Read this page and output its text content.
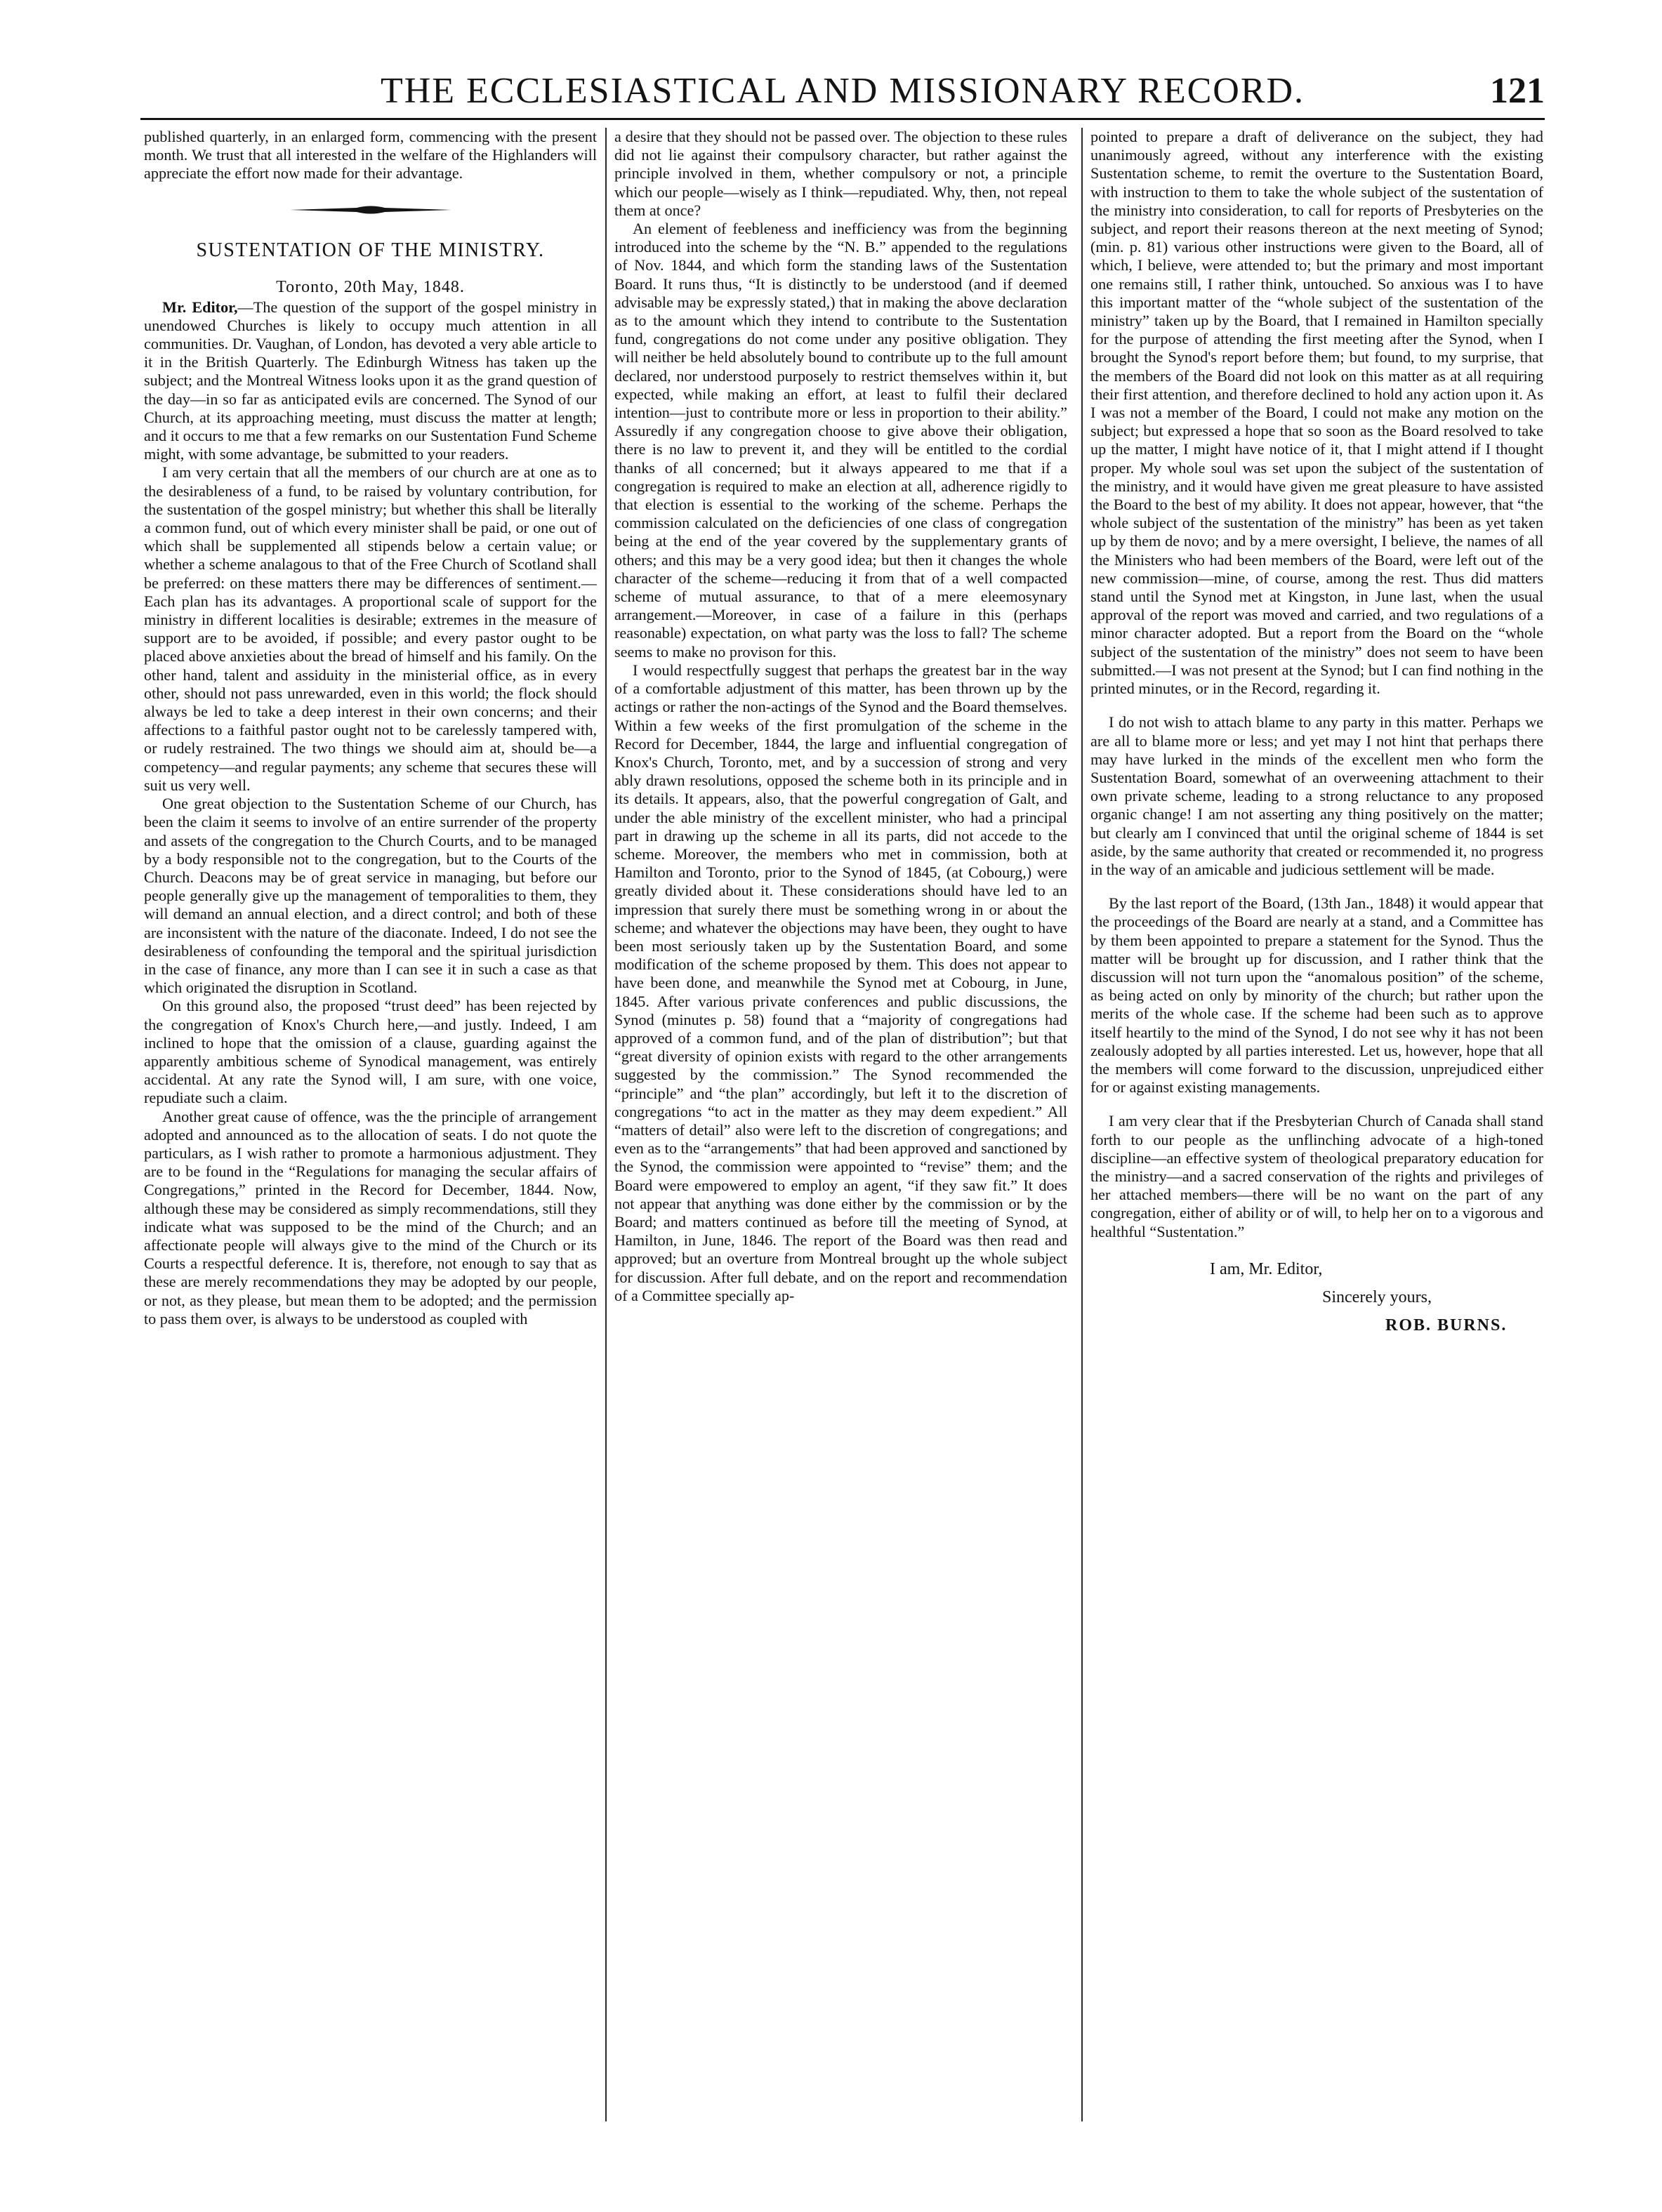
THE ECCLESIASTICAL AND MISSIONARY RECORD.	121

published quarterly, in an enlarged form, commencing with the present month. We trust that all interested in the welfare of the Highlanders will appreciate the effort now made for their advantage.

SUSTENTATION OF THE MINISTRY.
Toronto, 20th May, 1848.

Mr. Editor,—The question of the support of the gospel ministry in unendowed Churches is likely to occupy much attention in all communities. Dr. Vaughan, of London, has devoted a very able article to it in the British Quarterly. The Edinburgh Witness has taken up the subject; and the Montreal Witness looks upon it as the grand question of the day—in so far as anticipated evils are concerned. The Synod of our Church, at its approaching meeting, must discuss the matter at length; and it occurs to me that a few remarks on our Sustentation Fund Scheme might, with some advantage, be submitted to your readers.

I am very certain that all the members of our church are at one as to the desirableness of a fund, to be raised by voluntary contribution, for the sustentation of the gospel ministry; but whether this shall be literally a common fund, out of which every minister shall be paid, or one out of which shall be supplemented all stipends below a certain value; or whether a scheme analagous to that of the Free Church of Scotland shall be preferred: on these matters there may be differences of sentiment.—Each plan has its advantages. A proportional scale of support for the ministry in different localities is desirable; extremes in the measure of support are to be avoided, if possible; and every pastor ought to be placed above anxieties about the bread of himself and his family. On the other hand, talent and assiduity in the ministerial office, as in every other, should not pass unrewarded, even in this world; the flock should always be led to take a deep interest in their own concerns; and their affections to a faithful pastor ought not to be carelessly tampered with, or rudely restrained. The two things we should aim at, should be—a competency—and regular payments; any scheme that secures these will suit us very well.

One great objection to the Sustentation Scheme of our Church, has been the claim it seems to involve of an entire surrender of the property and assets of the congregation to the Church Courts, and to be managed by a body responsible not to the congregation, but to the Courts of the Church. Deacons may be of great service in managing, but before our people generally give up the management of temporalities to them, they will demand an annual election, and a direct control; and both of these are inconsistent with the nature of the diaconate. Indeed, I do not see the desirableness of confounding the temporal and the spiritual jurisdiction in the case of finance, any more than I can see it in such a case as that which originated the disruption in Scotland.

On this ground also, the proposed “trust deed” has been rejected by the congregation of Knox's Church here,—and justly. Indeed, I am inclined to hope that the omission of a clause, guarding against the apparently ambitious scheme of Synodical management, was entirely accidental. At any rate the Synod will, I am sure, with one voice, repudiate such a claim.

Another great cause of offence, was the the principle of arrangement adopted and announced as to the allocation of seats. I do not quote the particulars, as I wish rather to promote a harmonious adjustment. They are to be found in the “Regulations for managing the secular affairs of Congregations,” printed in the Record for December, 1844. Now, although these may be considered as simply recommendations, still they indicate what was supposed to be the mind of the Church; and an affectionate people will always give to the mind of the Church or its Courts a respectful deference. It is, therefore, not enough to say that as these are merely recommendations they may be adopted by our people, or not, as they please, but mean them to be adopted; and the permission to pass them over, is always to be understood as coupled with

a desire that they should not be passed over. The objection to these rules did not lie against their compulsory character, but rather against the principle involved in them, whether compulsory or not, a principle which our people—wisely as I think—repudiated. Why, then, not repeal them at once?

An element of feebleness and inefficiency was from the beginning introduced into the scheme by the “N. B.” appended to the regulations of Nov. 1844, and which form the standing laws of the Sustentation Board. It runs thus, “It is distinctly to be understood (and if deemed advisable may be expressly stated,) that in making the above declaration as to the amount which they intend to contribute to the Sustentation fund, congregations do not come under any positive obligation. They will neither be held absolutely bound to contribute up to the full amount declared, nor understood purposely to restrict themselves within it, but expected, while making an effort, at least to fulfil their declared intention—just to contribute more or less in proportion to their ability.” Assuredly if any congregation choose to give above their obligation, there is no law to prevent it, and they will be entitled to the cordial thanks of all concerned; but it always appeared to me that if a congregation is required to make an election at all, adherence rigidly to that election is essential to the working of the scheme. Perhaps the commission calculated on the deficiencies of one class of congregation being at the end of the year covered by the supplementary grants of others; and this may be a very good idea; but then it changes the whole character of the scheme—reducing it from that of a well compacted scheme of mutual assurance, to that of a mere eleemosynary arrangement.—Moreover, in case of a failure in this (perhaps reasonable) expectation, on what party was the loss to fall? The scheme seems to make no provison for this.

I would respectfully suggest that perhaps the greatest bar in the way of a comfortable adjustment of this matter, has been thrown up by the actings or rather the non-actings of the Synod and the Board themselves. Within a few weeks of the first promulgation of the scheme in the Record for December, 1844, the large and influential congregation of Knox's Church, Toronto, met, and by a succession of strong and very ably drawn resolutions, opposed the scheme both in its principle and in its details. It appears, also, that the powerful congregation of Galt, and under the able ministry of the excellent minister, who had a principal part in drawing up the scheme in all its parts, did not accede to the scheme. Moreover, the members who met in commission, both at Hamilton and Toronto, prior to the Synod of 1845, (at Cobourg,) were greatly divided about it. These considerations should have led to an impression that surely there must be something wrong in or about the scheme; and whatever the objections may have been, they ought to have been most seriously taken up by the Sustentation Board, and some modification of the scheme proposed by them. This does not appear to have been done, and meanwhile the Synod met at Cobourg, in June, 1845. After various private conferences and public discussions, the Synod (minutes p. 58) found that a “majority of congregations had approved of a common fund, and of the plan of distribution”; but that “great diversity of opinion exists with regard to the other arrangements suggested by the commission.” The Synod recommended the “principle” and “the plan” accordingly, but left it to the discretion of congregations “to act in the matter as they may deem expedient.” All “matters of detail” also were left to the discretion of congregations; and even as to the “arrangements” that had been approved and sanctioned by the Synod, the commission were appointed to “revise” them; and the Board were empowered to employ an agent, “if they saw fit.” It does not appear that anything was done either by the commission or by the Board; and matters continued as before till the meeting of Synod, at Hamilton, in June, 1846. The report of the Board was then read and approved; but an overture from Montreal brought up the whole subject for discussion. After full debate, and on the report and recommendation of a Committee specially ap-

pointed to prepare a draft of deliverance on the subject, they had unanimously agreed, without any interference with the existing Sustentation scheme, to remit the overture to the Sustentation Board, with instruction to them to take the whole subject of the sustentation of the ministry into consideration, to call for reports of Presbyteries on the subject, and report their reasons thereon at the next meeting of Synod; (min. p. 81) various other instructions were given to the Board, all of which, I believe, were attended to; but the primary and most important one remains still, I rather think, untouched. So anxious was I to have this important matter of the “whole subject of the sustentation of the ministry” taken up by the Board, that I remained in Hamilton specially for the purpose of attending the first meeting after the Synod, when I brought the Synod's report before them; but found, to my surprise, that the members of the Board did not look on this matter as at all requiring their first attention, and therefore declined to hold any action upon it. As I was not a member of the Board, I could not make any motion on the subject; but expressed a hope that so soon as the Board resolved to take up the matter, I might have notice of it, that I might attend if I thought proper. My whole soul was set upon the subject of the sustentation of the ministry, and it would have given me great pleasure to have assisted the Board to the best of my ability. It does not appear, however, that “the whole subject of the sustentation of the ministry” has been as yet taken up by them de novo; and by a mere oversight, I believe, the names of all the Ministers who had been members of the Board, were left out of the new commission—mine, of course, among the rest. Thus did matters stand until the Synod met at Kingston, in June last, when the usual approval of the report was moved and carried, and two regulations of a minor character adopted. But a report from the Board on the “whole subject of the sustentation of the ministry” does not seem to have been submitted.—I was not present at the Synod; but I can find nothing in the printed minutes, or in the Record, regarding it.

I do not wish to attach blame to any party in this matter. Perhaps we are all to blame more or less; and yet may I not hint that perhaps there may have lurked in the minds of the excellent men who form the Sustentation Board, somewhat of an overweening attachment to their own private scheme, leading to a strong reluctance to any proposed organic change! I am not asserting any thing positively on the matter; but clearly am I convinced that until the original scheme of 1844 is set aside, by the same authority that created or recommended it, no progress in the way of an amicable and judicious settlement will be made.

By the last report of the Board, (13th Jan., 1848) it would appear that the proceedings of the Board are nearly at a stand, and a Committee has by them been appointed to prepare a statement for the Synod. Thus the matter will be brought up for discussion, and I rather think that the discussion will not turn upon the “anomalous position” of the scheme, as being acted on only by minority of the church; but rather upon the merits of the whole case. If the scheme had been such as to approve itself heartily to the mind of the Synod, I do not see why it has not been zealously adopted by all parties interested. Let us, however, hope that all the members will come forward to the discussion, unprejudiced either for or against existing managements.

I am very clear that if the Presbyterian Church of Canada shall stand forth to our people as the unflinching advocate of a high-toned discipline—an effective system of theological preparatory education for the ministry—and a sacred conservation of the rights and privileges of her attached members—there will be no want on the part of any congregation, either of ability or of will, to help her on to a vigorous and healthful “Sustentation.”

I am, Mr. Editor,
Sincerely yours,
ROB. BURNS.
